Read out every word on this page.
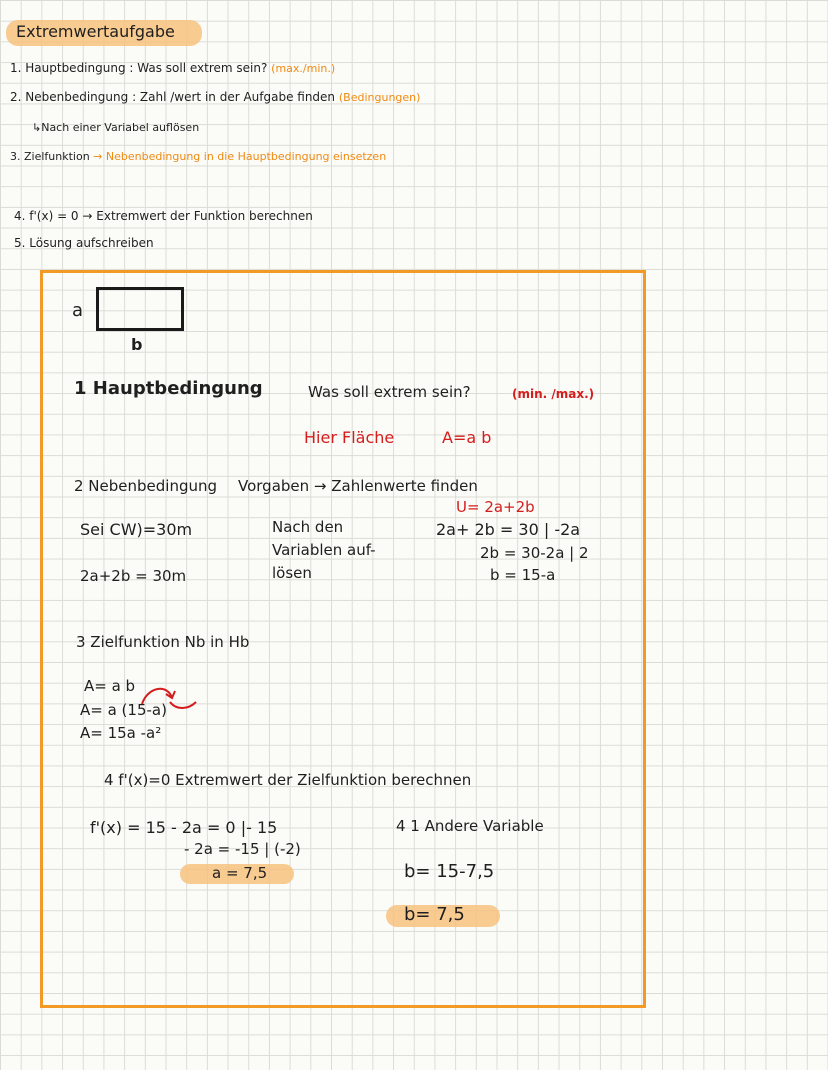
Extremwertaufgabe
1. Hauptbedingung : Was soll extrem sein? (max./min.)
2. Nebenbedingung : Zahl /wert in der Aufgabe finden (Bedingungen)
↳Nach einer Variabel auflösen
3. Zielfunktion → Nebenbedingung in die Hauptbedingung einsetzen
4. f'(x) = 0 → Extremwert der Funktion berechnen
5. Lösung aufschreiben
a
b
1 Hauptbedingung	Was soll extrem sein?	(min. /max.)
Hier Fläche	A=a b
2 Nebenbedingung Vorgaben → Zahlenwerte finden
U= 2a+2b
Sei CW)=30m
2a+2b = 30m
Nach den
Variablen auf-
lösen
2a+ 2b = 30 | -2a
2b = 30-2a | 2
b = 15-a
3 Zielfunktion Nb in Hb
A= a b
A= a (15-a)
A= 15a -a²
4 f'(x)=0 Extremwert der Zielfunktion berechnen
f'(x) = 15 - 2a = 0 |- 15
- 2a = -15 | (-2)
a = 7,5
4 1 Andere Variable
b= 15-7,5
b= 7,5
